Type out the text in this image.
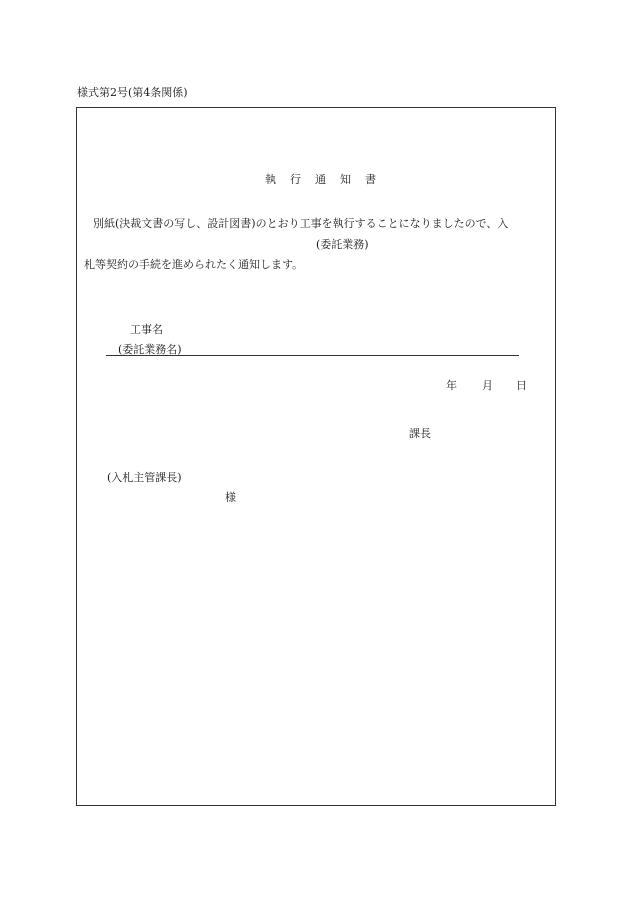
様式第2号(第4条関係)
執行通知書
別紙(決裁文書の写し、設計図書)のとおり工事を執行することになりましたので、入
(委託業務)
札等契約の手続を進められたく通知します。
工事名
(委託業務名)
年 月 日
課長
(入札主管課長)
様
